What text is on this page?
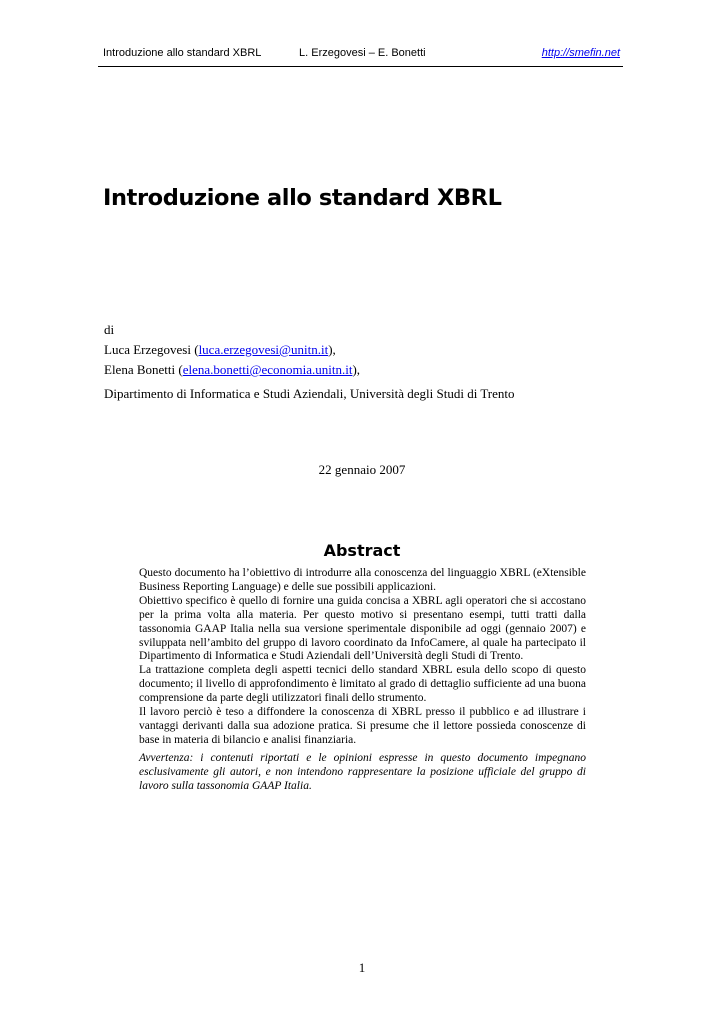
Introduzione allo standard XBRL	L. Erzegovesi – E. Bonetti	http://smefin.net
Introduzione allo standard XBRL
di
Luca Erzegovesi (luca.erzegovesi@unitn.it),
Elena Bonetti (elena.bonetti@economia.unitn.it),
Dipartimento di Informatica e Studi Aziendali, Università degli Studi di Trento
22 gennaio 2007
Abstract

Questo documento ha l’obiettivo di introdurre alla conoscenza del linguaggio XBRL (eXtensible Business Reporting Language) e delle sue possibili applicazioni.

Obiettivo specifico è quello di fornire una guida concisa a XBRL agli operatori che si accostano per la prima volta alla materia. Per questo motivo si presentano esempi, tutti tratti dalla tassonomia GAAP Italia nella sua versione sperimentale disponibile ad oggi (gennaio 2007) e sviluppata nell’ambito del gruppo di lavoro coordinato da InfoCamere, al quale ha partecipato il Dipartimento di Informatica e Studi Aziendali dell’Università degli Studi di Trento.

La trattazione completa degli aspetti tecnici dello standard XBRL esula dello scopo di questo documento; il livello di approfondimento è limitato al grado di dettaglio sufficiente ad una buona comprensione da parte degli utilizzatori finali dello strumento.

Il lavoro perciò è teso a diffondere la conoscenza di XBRL presso il pubblico e ad illustrare i vantaggi derivanti dalla sua adozione pratica. Si presume che il lettore possieda conoscenze di base in materia di bilancio e analisi finanziaria.

Avvertenza: i contenuti riportati e le opinioni espresse in questo documento impegnano esclusivamente gli autori, e non intendono rappresentare la posizione ufficiale del gruppo di lavoro sulla tassonomia GAAP Italia.

1
